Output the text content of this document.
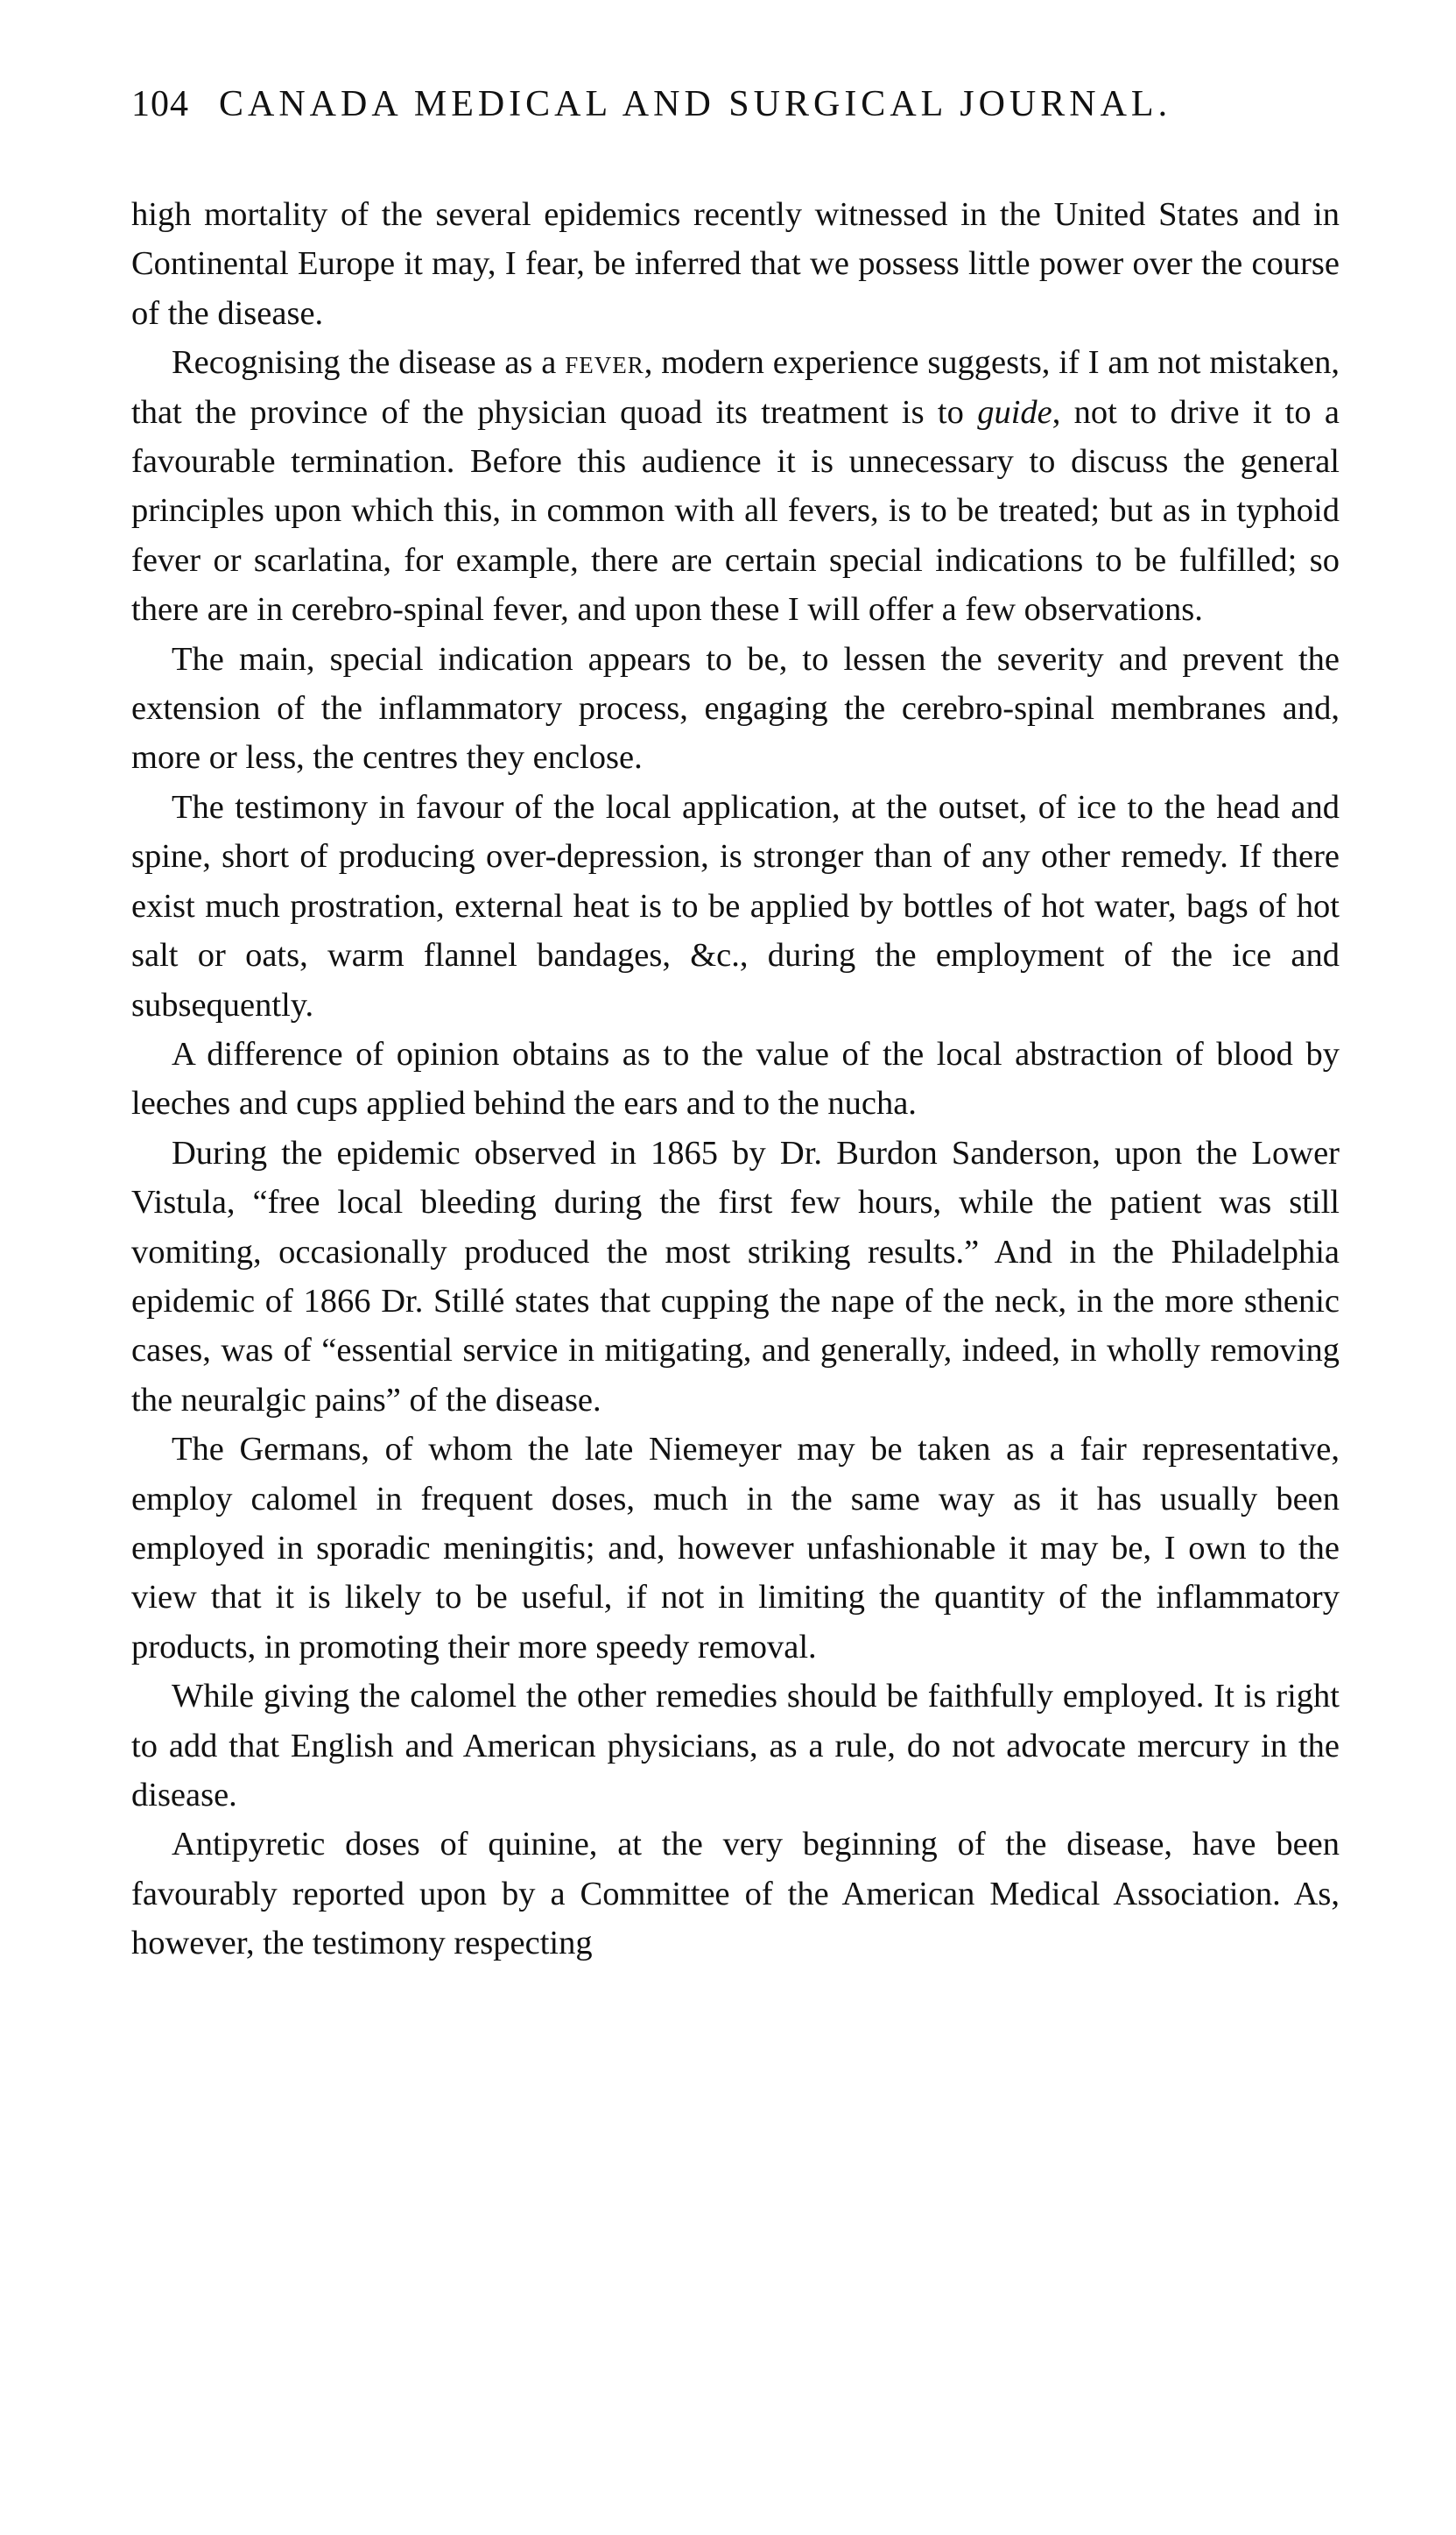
104 CANADA MEDICAL AND SURGICAL JOURNAL.

high mortality of the several epidemics recently witnessed in the United States and in Continental Europe it may, I fear, be inferred that we possess little power over the course of the disease.

Recognising the disease as a fever, modern experience suggests, if I am not mistaken, that the province of the physician quoad its treatment is to guide, not to drive it to a favourable termination. Before this audience it is unnecessary to discuss the general principles upon which this, in common with all fevers, is to be treated; but as in typhoid fever or scarlatina, for example, there are certain special indications to be fulfilled; so there are in cerebro-spinal fever, and upon these I will offer a few observations.

The main, special indication appears to be, to lessen the severity and prevent the extension of the inflammatory process, engaging the cerebro-spinal membranes and, more or less, the centres they enclose.

The testimony in favour of the local application, at the outset, of ice to the head and spine, short of producing over-depression, is stronger than of any other remedy. If there exist much prostration, external heat is to be applied by bottles of hot water, bags of hot salt or oats, warm flannel bandages, &c., during the employment of the ice and subsequently.

A difference of opinion obtains as to the value of the local abstraction of blood by leeches and cups applied behind the ears and to the nucha.

During the epidemic observed in 1865 by Dr. Burdon Sanderson, upon the Lower Vistula, “free local bleeding during the first few hours, while the patient was still vomiting, occasionally produced the most striking results.” And in the Philadelphia epidemic of 1866 Dr. Stillé states that cupping the nape of the neck, in the more sthenic cases, was of “essential service in mitigating, and generally, indeed, in wholly removing the neuralgic pains” of the disease.

The Germans, of whom the late Niemeyer may be taken as a fair representative, employ calomel in frequent doses, much in the same way as it has usually been employed in sporadic meningitis; and, however unfashionable it may be, I own to the view that it is likely to be useful, if not in limiting the quantity of the inflammatory products, in promoting their more speedy removal.

While giving the calomel the other remedies should be faithfully employed. It is right to add that English and American physicians, as a rule, do not advocate mercury in the disease.

Antipyretic doses of quinine, at the very beginning of the disease, have been favourably reported upon by a Committee of the American Medical Association. As, however, the testimony respecting
